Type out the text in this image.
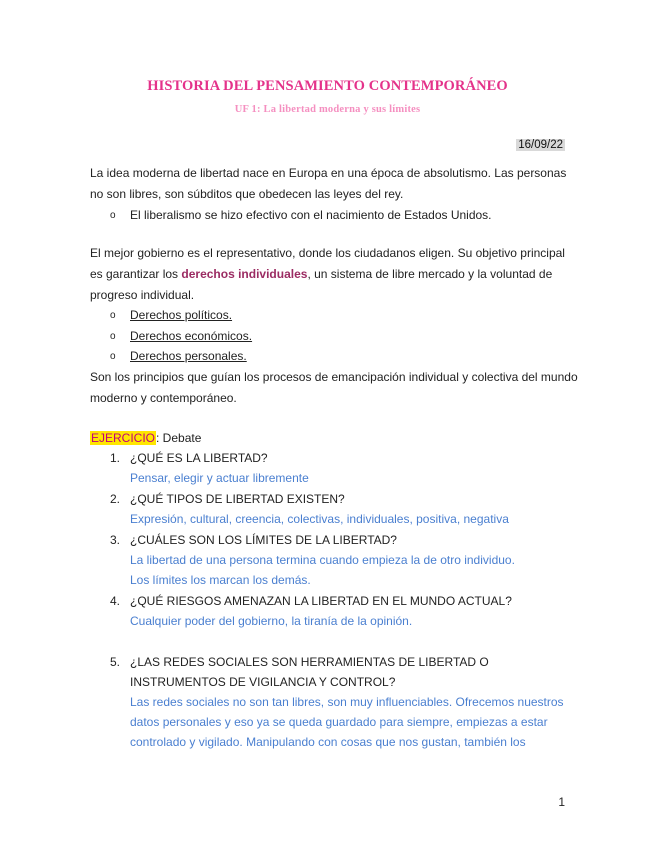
HISTORIA DEL PENSAMIENTO CONTEMPORÁNEO
UF 1: La libertad moderna y sus límites
16/09/22
La idea moderna de libertad nace en Europa en una época de absolutismo. Las personas
no son libres, son súbditos que obedecen las leyes del rey.
o	El liberalismo se hizo efectivo con el nacimiento de Estados Unidos.
El mejor gobierno es el representativo, donde los ciudadanos eligen. Su objetivo principal
es garantizar los derechos individuales, un sistema de libre mercado y la voluntad de
progreso individual.
o	Derechos políticos.
o	Derechos económicos.
o	Derechos personales.
Son los principios que guían los procesos de emancipación individual y colectiva del mundo
moderno y contemporáneo.
EJERCICIO: Debate
1. ¿QUÉ ES LA LIBERTAD?
Pensar, elegir y actuar libremente
2. ¿QUÉ TIPOS DE LIBERTAD EXISTEN?
Expresión, cultural, creencia, colectivas, individuales, positiva, negativa
3. ¿CUÁLES SON LOS LÍMITES DE LA LIBERTAD?
La libertad de una persona termina cuando empieza la de otro individuo.
Los límites los marcan los demás.
4. ¿QUÉ RIESGOS AMENAZAN LA LIBERTAD EN EL MUNDO ACTUAL?
Cualquier poder del gobierno, la tiranía de la opinión.
5. ¿LAS REDES SOCIALES SON HERRAMIENTAS DE LIBERTAD O
INSTRUMENTOS DE VIGILANCIA Y CONTROL?
Las redes sociales no son tan libres, son muy influenciables. Ofrecemos nuestros
datos personales y eso ya se queda guardado para siempre, empiezas a estar
controlado y vigilado. Manipulando con cosas que nos gustan, también los
1
